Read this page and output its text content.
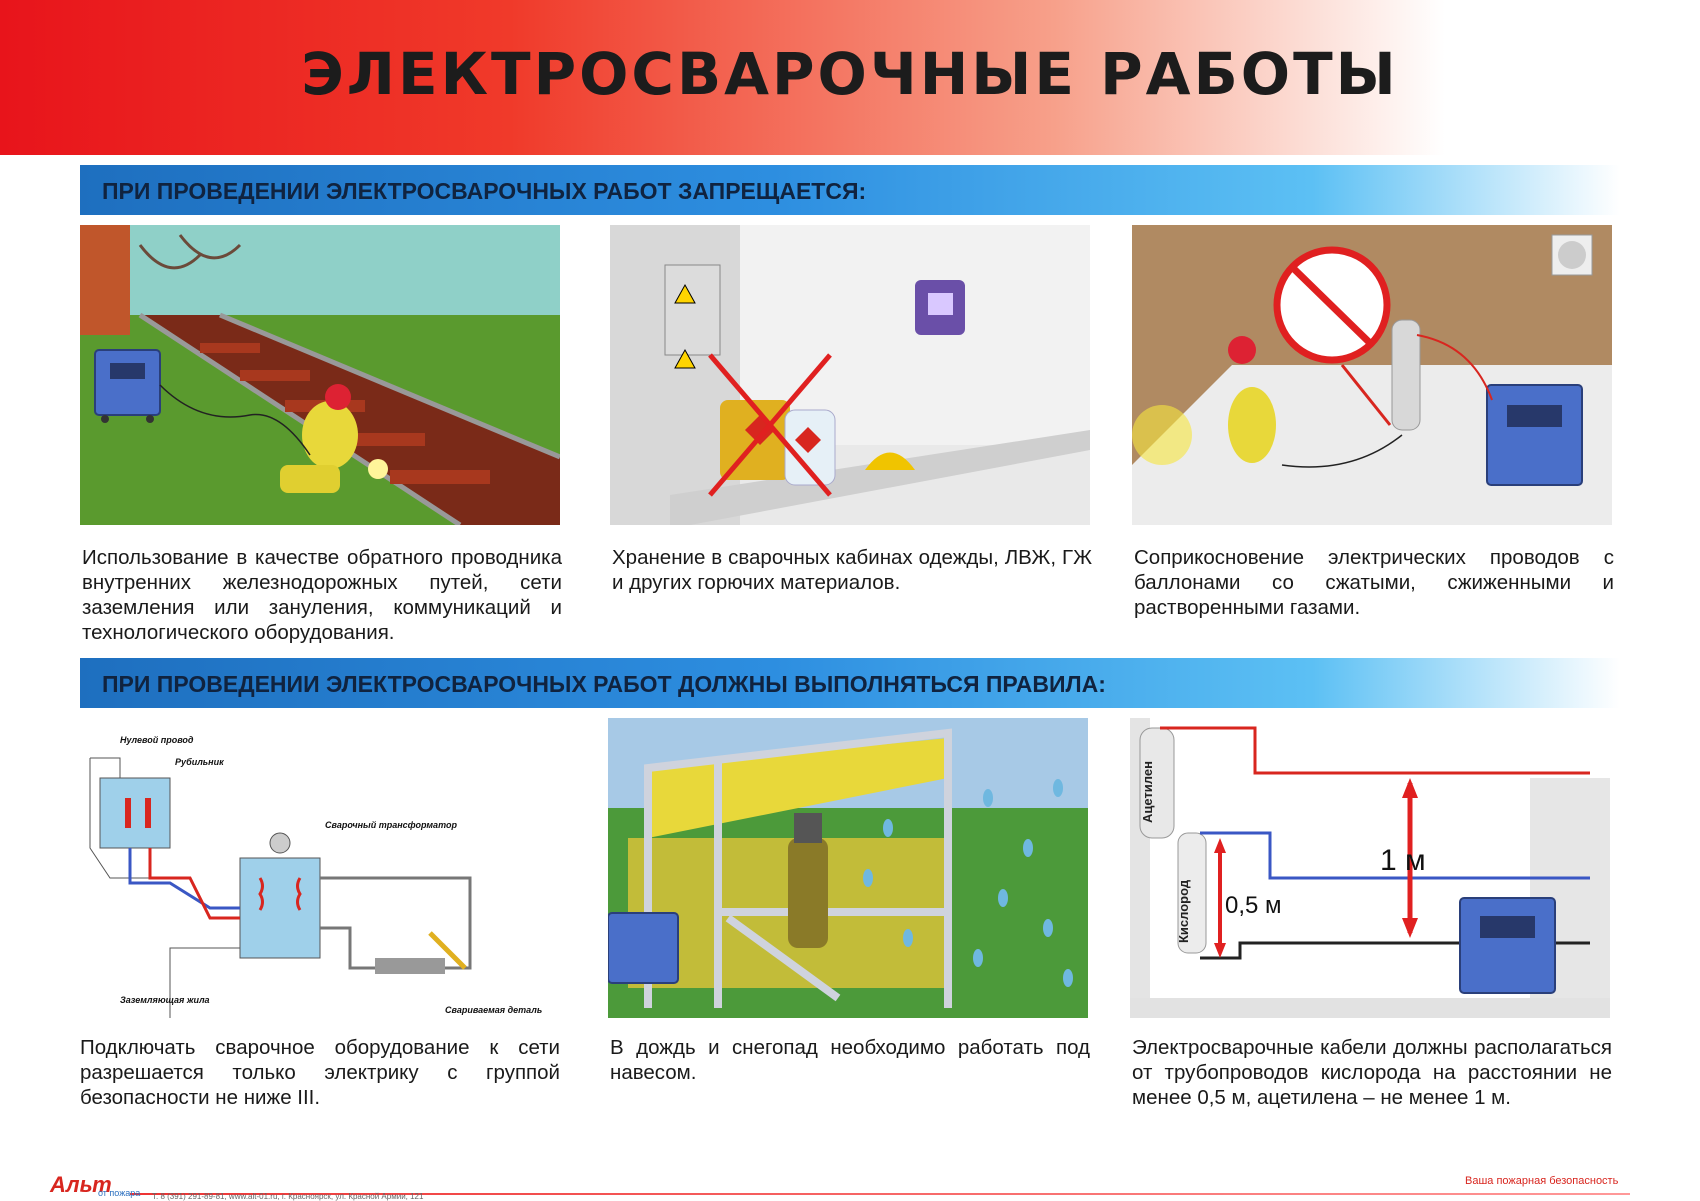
ЭЛЕКТРОСВАРОЧНЫЕ РАБОТЫ
ПРИ ПРОВЕДЕНИИ ЭЛЕКТРОСВАРОЧНЫХ РАБОТ ЗАПРЕЩАЕТСЯ:
Использование в качестве обратного проводника внутренних железнодорожных путей, сети заземления или зануления, коммуникаций и технологического оборудования.
Хранение в сварочных кабинах одежды, ЛВЖ, ГЖ и других горючих материалов.
Соприкосновение электрических проводов с баллонами со сжатыми, сжиженными и растворенными газами.
ПРИ ПРОВЕДЕНИИ ЭЛЕКТРОСВАРОЧНЫХ РАБОТ ДОЛЖНЫ ВЫПОЛНЯТЬСЯ ПРАВИЛА:
Нулевой провод
Рубильник
Сварочный трансформатор
Заземляющая жила
Свариваемая деталь
Ацетилен
Кислород
1 м
0,5 м
Подключать сварочное оборудование к сети разрешается только электрику с группой безопасности не ниже III.
В дождь и снегопад необходимо работать под навесом.
Электросварочные кабели должны располагаться от трубопроводов кислорода на расстоянии не менее 0,5 м, ацетилена – не менее 1 м.
Альт
от пожара Т. 8 (391) 291-89-81, www.alt-01.ru, г. Красноярск, ул. Красной Армии, 121
Ваша пожарная безопасность
